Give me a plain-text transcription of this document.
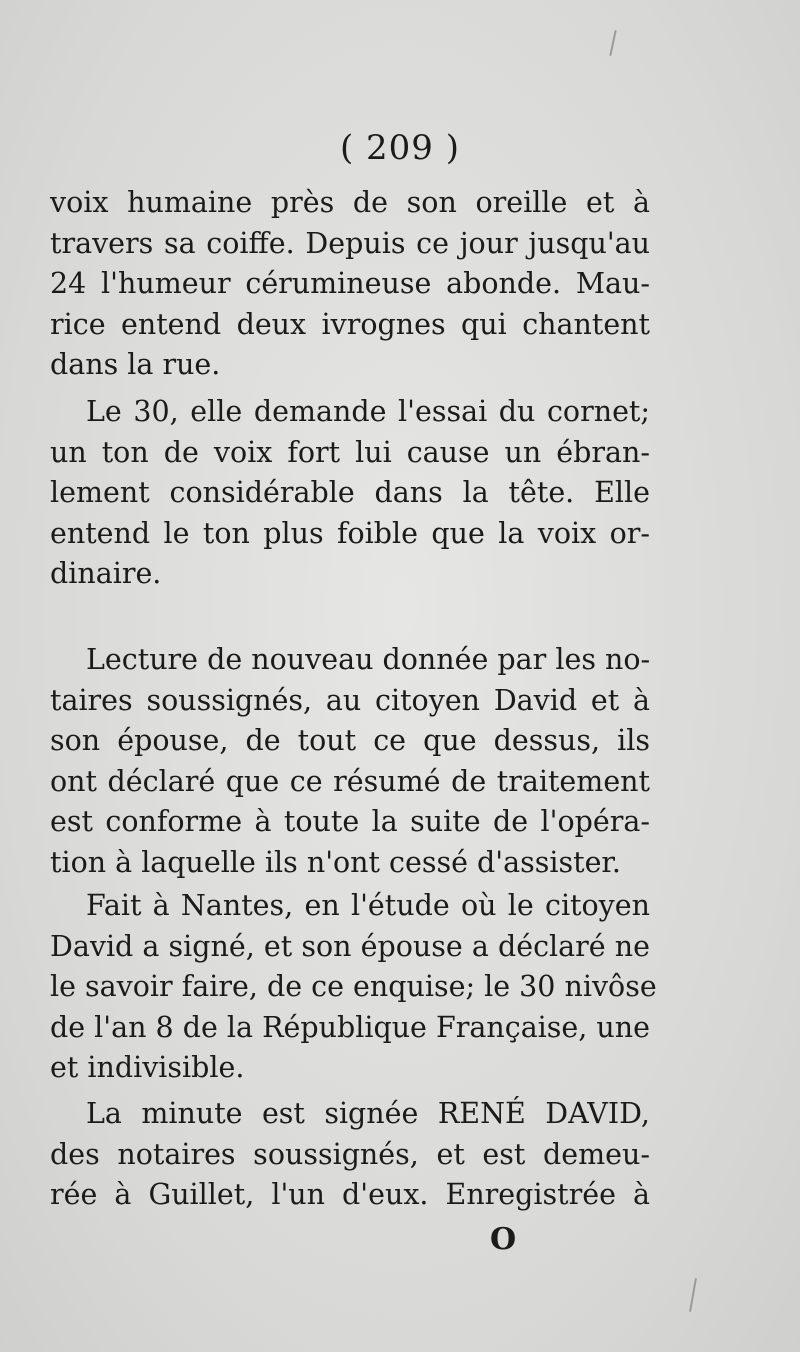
( 209 )
voix humaine près de son oreille et à
travers sa coiffe. Depuis ce jour jusqu'au
24 l'humeur cérumineuse abonde. Mau-
rice entend deux ivrognes qui chantent
dans la rue.
Le 30, elle demande l'essai du cornet;
un ton de voix fort lui cause un ébran-
lement considérable dans la tête. Elle
entend le ton plus foible que la voix or-
dinaire.
Lecture de nouveau donnée par les no-
taires soussignés, au citoyen David et à
son épouse, de tout ce que dessus, ils
ont déclaré que ce résumé de traitement
est conforme à toute la suite de l'opéra-
tion à laquelle ils n'ont cessé d'assister.
Fait à Nantes, en l'étude où le citoyen
David a signé, et son épouse a déclaré ne
le savoir faire, de ce enquise; le 30 nivôse
de l'an 8 de la République Française, une
et indivisible.
La minute est signée RENÉ DAVID,
des notaires soussignés, et est demeu-
rée à Guillet, l'un d'eux. Enregistrée à
O
